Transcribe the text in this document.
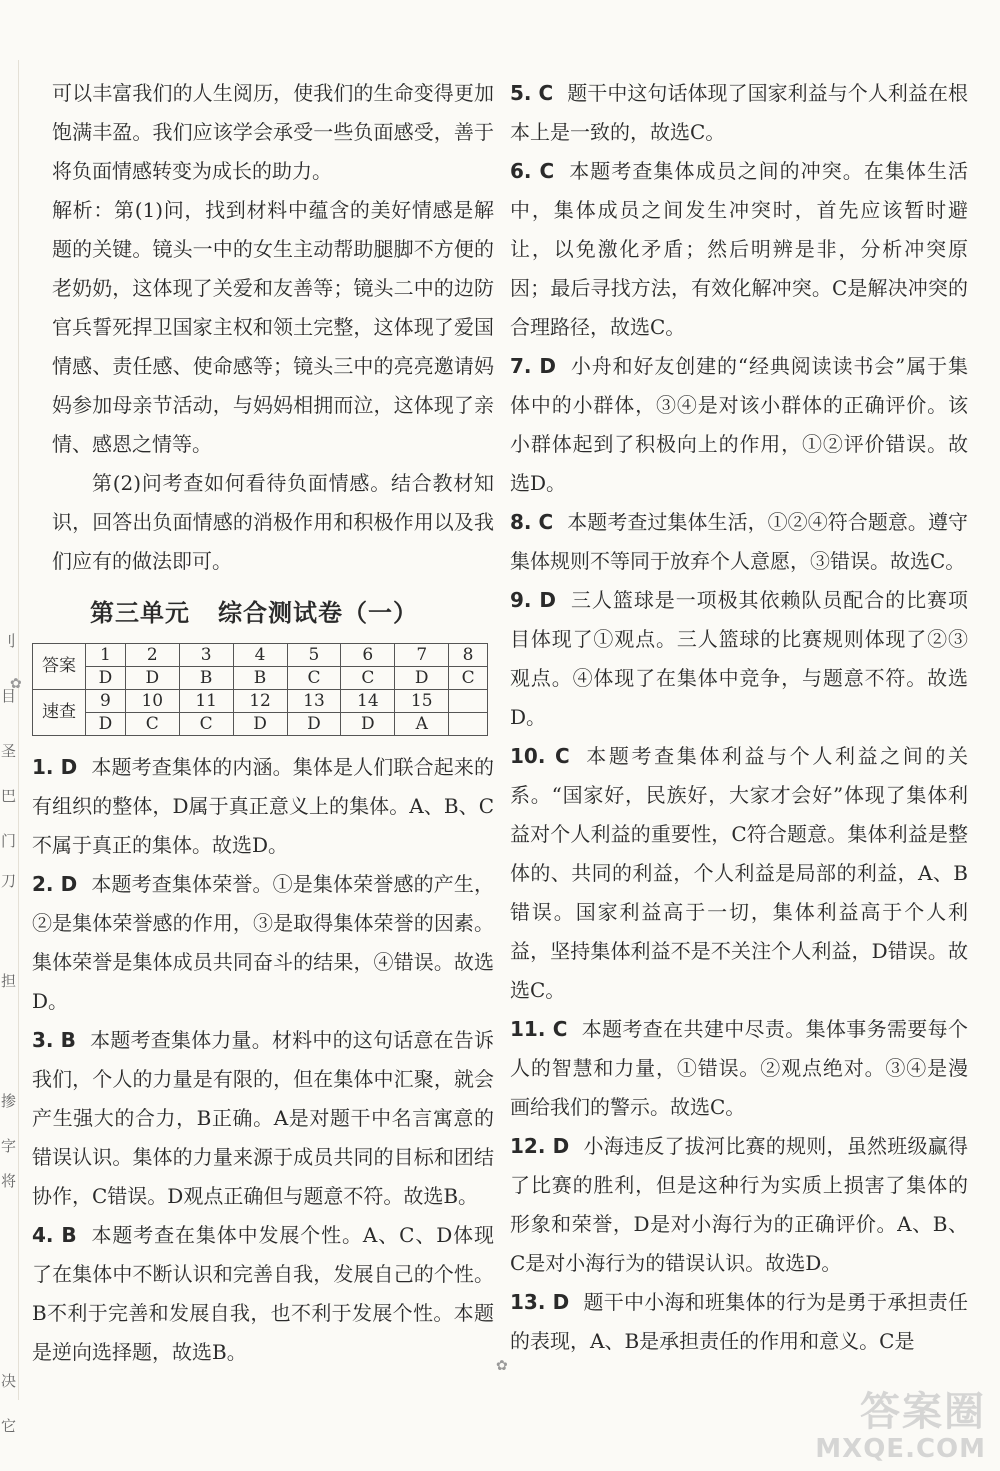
刂
目
圣
巴
门
刀
担
掺
字
将
决
它

可以丰富我们的人生阅历，使我们的生命变得更加饱满丰盈。我们应该学会承受一些负面感受，善于将负面情感转变为成长的助力。

解析：第(1)问，找到材料中蕴含的美好情感是解题的关键。镜头一中的女生主动帮助腿脚不方便的老奶奶，这体现了关爱和友善等；镜头二中的边防官兵誓死捍卫国家主权和领土完整，这体现了爱国情感、责任感、使命感等；镜头三中的亮亮邀请妈妈参加母亲节活动，与妈妈相拥而泣，这体现了亲情、感恩之情等。

第(2)问考查如何看待负面情感。结合教材知识，回答出负面情感的消极作用和积极作用以及我们应有的做法即可。

第三单元 综合测试卷（一）
答案	1	2	3	4	5	6	7	8
	D	D	B	B	C	C	D	C
速查	9	10	11	12	13	14	15	
	D	C	C	D	D	D	A	

1. D 本题考查集体的内涵。集体是人们联合起来的有组织的整体，D属于真正意义上的集体。A、B、C不属于真正的集体。故选D。

2. D 本题考查集体荣誉。①是集体荣誉感的产生，②是集体荣誉感的作用，③是取得集体荣誉的因素。集体荣誉是集体成员共同奋斗的结果，④错误。故选D。

3. B 本题考查集体力量。材料中的这句话意在告诉我们，个人的力量是有限的，但在集体中汇聚，就会产生强大的合力，B正确。A是对题干中名言寓意的错误认识。集体的力量来源于成员共同的目标和团结协作，C错误。D观点正确但与题意不符。故选B。

4. B 本题考查在集体中发展个性。A、C、D体现了在集体中不断认识和完善自我，发展自己的个性。B不利于完善和发展自我，也不利于发展个性。本题是逆向选择题，故选B。

5. C 题干中这句话体现了国家利益与个人利益在根本上是一致的，故选C。

6. C 本题考查集体成员之间的冲突。在集体生活中，集体成员之间发生冲突时，首先应该暂时避让，以免激化矛盾；然后明辨是非，分析冲突原因；最后寻找方法，有效化解冲突。C是解决冲突的合理路径，故选C。

7. D 小舟和好友创建的“经典阅读读书会”属于集体中的小群体，③④是对该小群体的正确评价。该小群体起到了积极向上的作用，①②评价错误。故选D。

8. C 本题考查过集体生活，①②④符合题意。遵守集体规则不等同于放弃个人意愿，③错误。故选C。

9. D 三人篮球是一项极其依赖队员配合的比赛项目体现了①观点。三人篮球的比赛规则体现了②③观点。④体现了在集体中竞争，与题意不符。故选D。

10. C 本题考查集体利益与个人利益之间的关系。“国家好，民族好，大家才会好”体现了集体利益对个人利益的重要性，C符合题意。集体利益是整体的、共同的利益，个人利益是局部的利益，A、B错误。国家利益高于一切，集体利益高于个人利益，坚持集体利益不是不关注个人利益，D错误。故选C。

11. C 本题考查在共建中尽责。集体事务需要每个人的智慧和力量，①错误。②观点绝对。③④是漫画给我们的警示。故选C。

12. D 小海违反了拔河比赛的规则，虽然班级赢得了比赛的胜利，但是这种行为实质上损害了集体的形象和荣誉，D是对小海行为的正确评价。A、B、C是对小海行为的错误认识。故选D。

13. D 题干中小海和班集体的行为是勇于承担责任的表现，A、B是承担责任的作用和意义。C是

✿
✿
答案圈
MXQE.COM
